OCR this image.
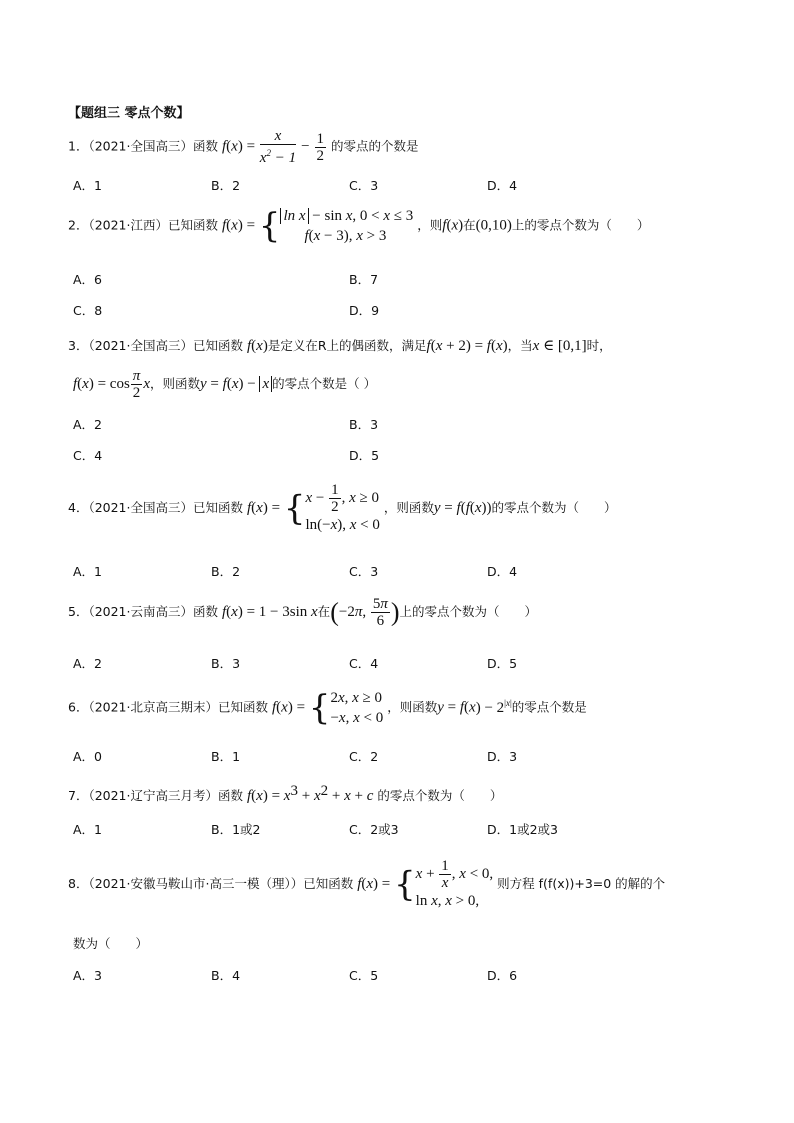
【题组三 零点个数】
1．（2021·全国高三）函数 $f(x) = \frac{x}{x^2 - 1} - \frac{1}{2}$ 的零点的个数是
A．1	B．2	C．3	D．4
2．（2021·江西）已知函数 f(x) = { ln x − sin x, 0 < x ≤ 3
f(x − 3), x > 3
，则f(x)在(0,10)上的零点个数为（　　）
A．6	B．7
C．8	D．9
3．（2021·全国高三）已知函数 f(x)是定义在R上的偶函数，满足f(x + 2) = f(x)，当x ∈ [0,1]时，
$f(x) = \cos \frac{\pi}{2}$ x，则函数y = f(x) − x 的零点个数是（ ）
A．2	B．3
C．4	D．5
4．（2021·全国高三）已知函数 f(x) = { $x - \frac{1}{2}$ , x ≥ 0
ln(−x), x < 0
，则函数y = f(f(x))的零点个数为（　　）
A．1	B．2	C．3	D．4
5．（2021·云南高三）函数 f(x) = 1 − 3sin x在(−2π, $\frac{5\pi}{6}$ )上的零点个数为（　　）
A．2	B．3	C．4	D．5
6．（2021·北京高三期末）已知函数 f(x) = { 2x, x ≥ 0
−x, x < 0
，则函数$y = f(x) - 2^{|x|}$的零点个数是
A．0	B．1	C．2	D．3
7．（2021·辽宁高三月考）函数 $f(x) = x^3 + x^2 + x + c$ 的零点个数为（　　）
A．1	B．1或2	C．2或3	D．1或2或3
8．（2021·安徽马鞍山市·高三一模（理））已知函数 f(x) = { $x + \frac{1}{x}$ , x < 0,
ln x, x > 0,
则方程 f(f(x))+3=0 的解的个
数为（　　）
A．3	B．4	C．5	D．6
